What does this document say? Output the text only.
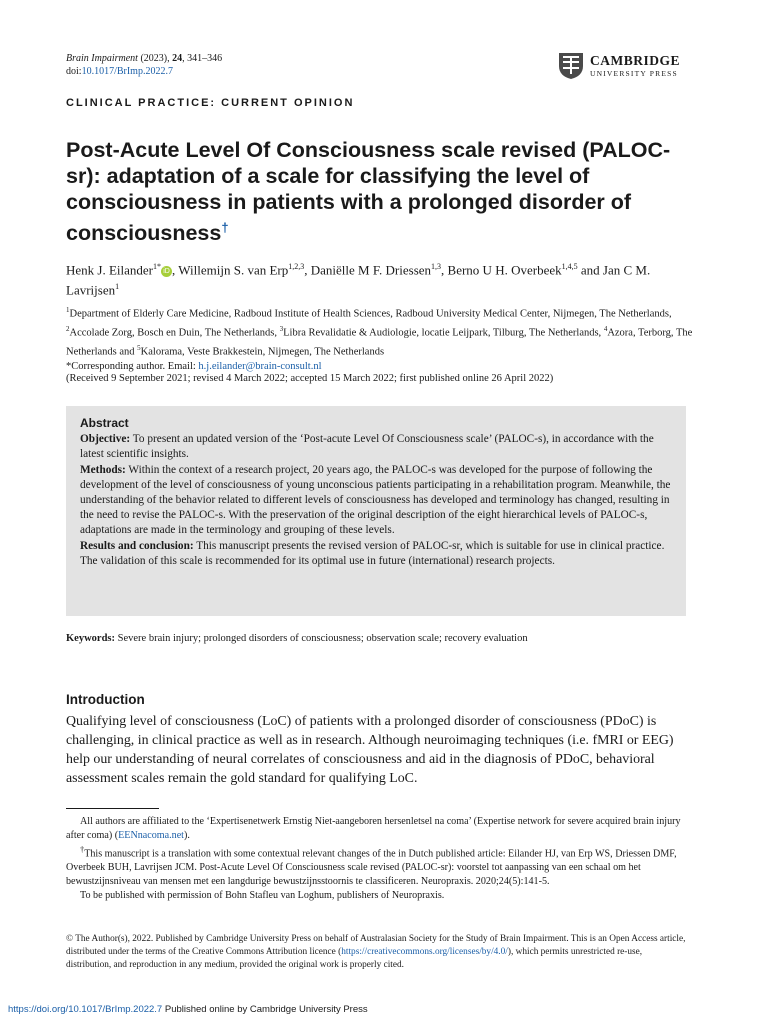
Brain Impairment (2023), 24, 341–346
doi:10.1017/BrImp.2022.7
CAMBRIDGE
UNIVERSITY PRESS
CLINICAL PRACTICE: CURRENT OPINION
Post-Acute Level Of Consciousness scale revised (PALOC-sr): adaptation of a scale for classifying the level of consciousness in patients with a prolonged disorder of consciousness†
Henk J. Eilander$^{1*}$iD , Willemijn S. van Erp$^{1,2,3}$, Daniëlle M F. Driessen$^{1,3}$, Berno U H. Overbeek$^{1,4,5}$ and Jan C M. Lavrijsen$^1$
$^1$Department of Elderly Care Medicine, Radboud Institute of Health Sciences, Radboud University Medical Center, Nijmegen, The Netherlands, $^2$Accolade Zorg, Bosch en Duin, The Netherlands, $^3$Libra Revalidatie & Audiologie, locatie Leijpark, Tilburg, The Netherlands, $^4$Azora, Terborg, The Netherlands and $^5$Kalorama, Veste Brakkestein, Nijmegen, The Netherlands
*Corresponding author. Email: h.j.eilander@brain-consult.nl
(Received 9 September 2021; revised 4 March 2022; accepted 15 March 2022; first published online 26 April 2022)
Abstract
Objective: To present an updated version of the ‘Post-acute Level Of Consciousness scale’ (PALOC-s), in accordance with the latest scientific insights.
Methods: Within the context of a research project, 20 years ago, the PALOC-s was developed for the purpose of following the development of the level of consciousness of young unconscious patients participating in a rehabilitation program. Meanwhile, the understanding of the behavior related to different levels of consciousness has developed and terminology has changed, resulting in the need to revise the PALOC-s. With the preservation of the original description of the eight hierarchical levels of PALOC-s, adaptations are made in the terminology and grouping of these levels.
Results and conclusion: This manuscript presents the revised version of PALOC-sr, which is suitable for use in clinical practice. The validation of this scale is recommended for its optimal use in future (international) research projects.
Keywords: Severe brain injury; prolonged disorders of consciousness; observation scale; recovery evaluation
Introduction
Qualifying level of consciousness (LoC) of patients with a prolonged disorder of consciousness (PDoC) is challenging, in clinical practice as well as in research. Although neuroimaging techniques (i.e. fMRI or EEG) help our understanding of neural correlates of consciousness and aid in the diagnosis of PDoC, behavioral assessment scales remain the gold standard for qualifying LoC.

All authors are affiliated to the ‘Expertisenetwerk Ernstig Niet-aangeboren hersenletsel na coma’ (Expertise network for severe acquired brain injury after coma) (EENnacoma.net).

†This manuscript is a translation with some contextual relevant changes of the in Dutch published article: Eilander HJ, van Erp WS, Driessen DMF, Overbeek BUH, Lavrijsen JCM. Post-Acute Level Of Consciousness scale revised (PALOC-sr): voorstel tot aanpassing van een schaal om het bewustzijnsniveau van mensen met een langdurige bewustzijnsstoornis te classificeren. Neuropraxis. 2020;24(5):141-5.

To be published with permission of Bohn Stafleu van Loghum, publishers of Neuropraxis.

© The Author(s), 2022. Published by Cambridge University Press on behalf of Australasian Society for the Study of Brain Impairment. This is an Open Access article, distributed under the terms of the Creative Commons Attribution licence (https://creativecommons.org/licenses/by/4.0/), which permits unrestricted re-use, distribution, and reproduction in any medium, provided the original work is properly cited.
https://doi.org/10.1017/BrImp.2022.7 Published online by Cambridge University Press
